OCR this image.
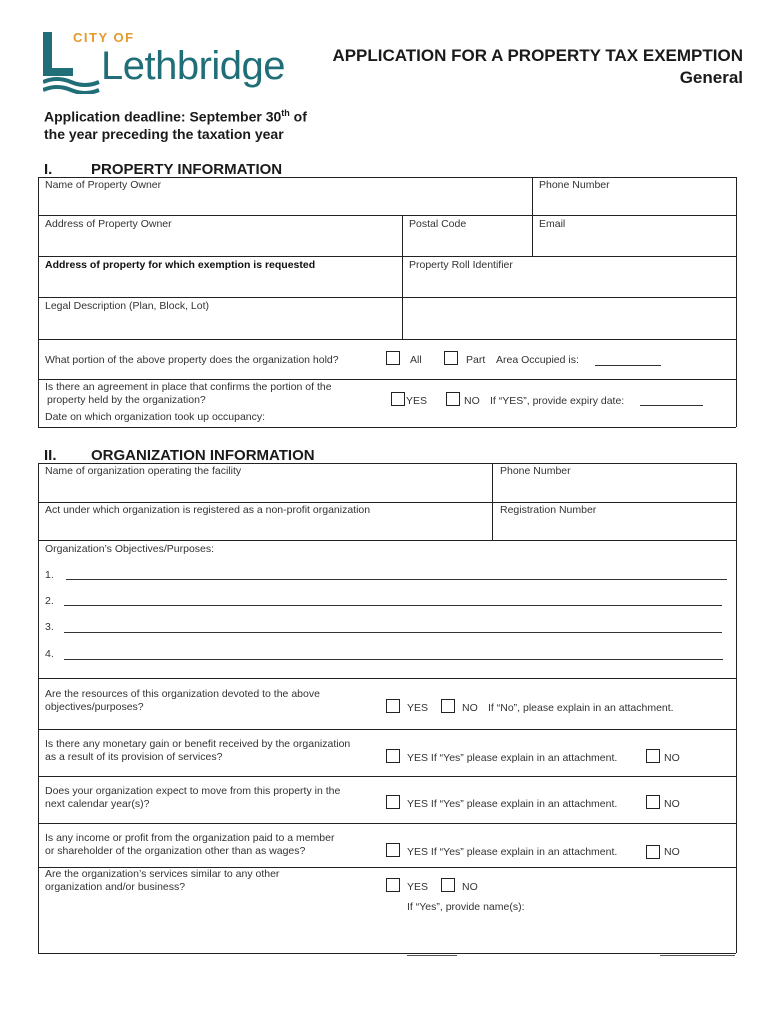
CITY OF
Lethbridge	APPLICATION FOR A PROPERTY TAX EXEMPTION
General
Application deadline: September 30th of
the year preceding the taxation year
I.	PROPERTY INFORMATION
Name of Property Owner	Phone Number
Address of Property Owner	Postal Code	Email
Address of property for which exemption is requested	Property Roll Identifier
Legal Description (Plan, Block, Lot)
What portion of the above property does the organization hold?	All	Part Area Occupied is:
Is there an agreement in place that confirms the portion of the
property held by the organization?	YES	NO If “YES”, provide expiry date:
Date on which organization took up occupancy:
II. ORGANIZATION INFORMATION
Name of organization operating the facility	Phone Number
Act under which organization is registered as a non-profit organization	Registration Number
Organization’s Objectives/Purposes:
1.
2.
3.
4.
Are the resources of this organization devoted to the above
objectives/purposes?	YES	NO If “No”, please explain in an attachment.
Is there any monetary gain or benefit received by the organization
as a result of its provision of services?	YES If “Yes” please explain in an attachment.	NO
Does your organization expect to move from this property in the
next calendar year(s)?	YES If “Yes” please explain in an attachment.	NO
Is any income or profit from the organization paid to a member
or shareholder of the organization other than as wages?	YES If “Yes” please explain in an attachment.	NO
Are the organization’s services similar to any other
organization and/or business?	YES	NO
If “Yes”, provide name(s):
